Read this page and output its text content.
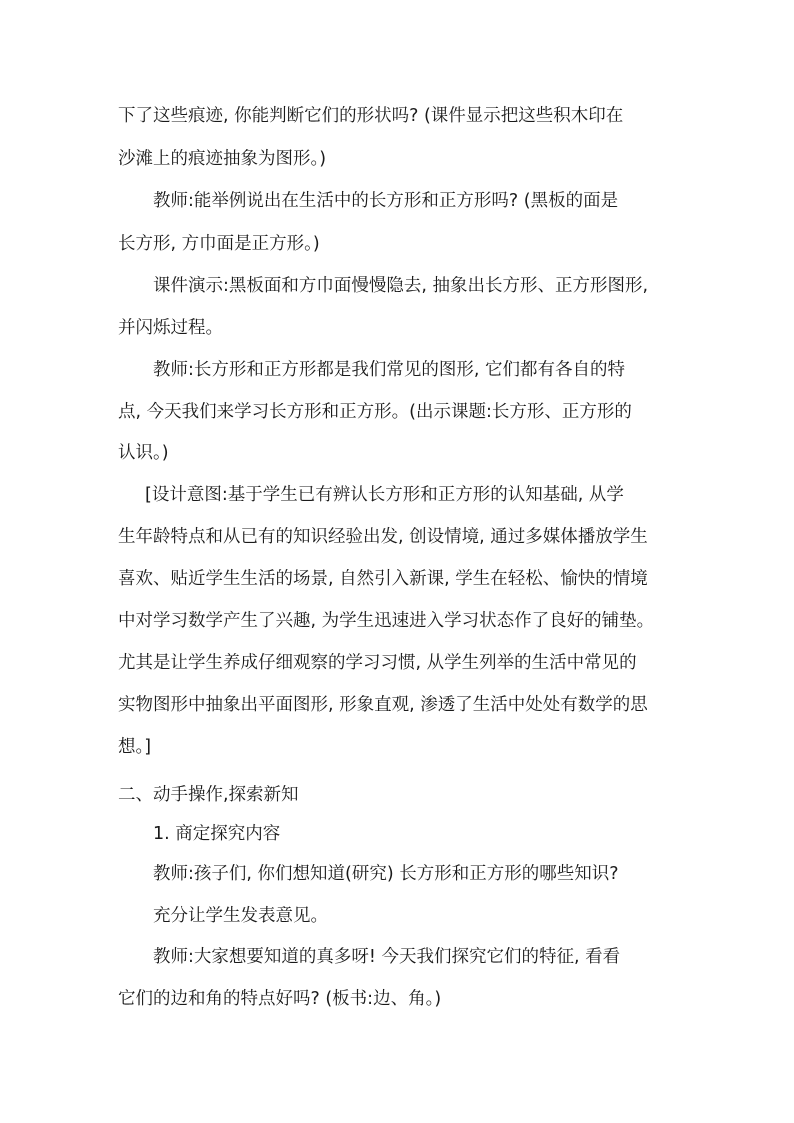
下了这些痕迹, 你能判断它们的形状吗? (课件显示把这些积木印在

沙滩上的痕迹抽象为图形。)

教师:能举例说出在生活中的长方形和正方形吗? (黑板的面是

长方形, 方巾面是正方形。)

课件演示:黑板面和方巾面慢慢隐去, 抽象出长方形、正方形图形,

并闪烁过程。

教师:长方形和正方形都是我们常见的图形, 它们都有各自的特

点, 今天我们来学习长方形和正方形。(出示课题:长方形、正方形的

认识。)

[设计意图:基于学生已有辨认长方形和正方形的认知基础, 从学

生年龄特点和从已有的知识经验出发, 创设情境, 通过多媒体播放学生

喜欢、贴近学生生活的场景, 自然引入新课, 学生在轻松、愉快的情境

中对学习数学产生了兴趣, 为学生迅速进入学习状态作了良好的铺垫。

尤其是让学生养成仔细观察的学习习惯, 从学生列举的生活中常见的

实物图形中抽象出平面图形, 形象直观, 渗透了生活中处处有数学的思

想。]

二、动手操作,探索新知

1. 商定探究内容

教师:孩子们, 你们想知道(研究) 长方形和正方形的哪些知识?

充分让学生发表意见。

教师:大家想要知道的真多呀! 今天我们探究它们的特征, 看看

它们的边和角的特点好吗? (板书:边、角。)
